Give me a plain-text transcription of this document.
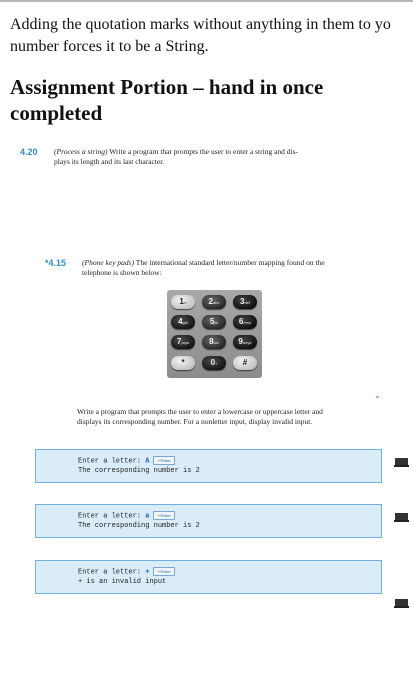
Adding the quotation marks without anything in them to yo
number forces it to be a String.
Assignment Portion – hand in once
completed
4.20 (Process a string) Write a program that prompts the user to enter a string and dis-
plays its length and its last character.
*4.15 (Phone key pads) The international standard letter/number mapping found on the
telephone is shown below:
1∞	2abc	3def
4ghi	5jkl	6mno
7pqrs	8tuv	9wxyz
*	0+	#
⌄
Write a program that prompts the user to enter a lowercase or uppercase letter and
displays its corresponding number. For a nonletter input, display invalid input.
Enter a letter: A ↵Enter
The corresponding number is 2
Enter a letter: a ↵Enter
The corresponding number is 2
Enter a letter: + ↵Enter
+ is an invalid input
